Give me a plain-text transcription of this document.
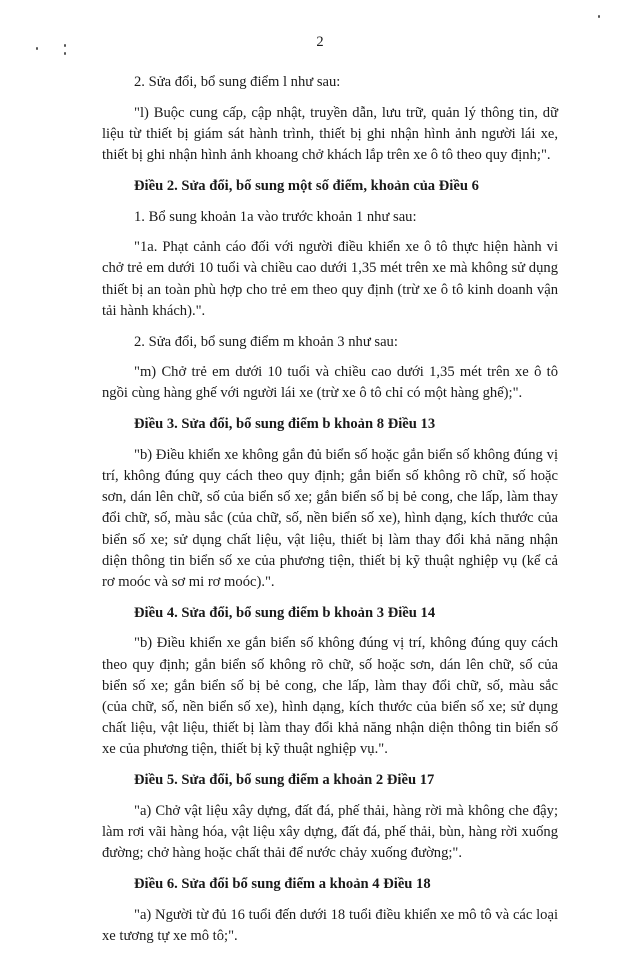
2

2. Sửa đổi, bổ sung điểm l như sau:

"l) Buộc cung cấp, cập nhật, truyền dẫn, lưu trữ, quản lý thông tin, dữ liệu từ thiết bị giám sát hành trình, thiết bị ghi nhận hình ảnh người lái xe, thiết bị ghi nhận hình ảnh khoang chở khách lắp trên xe ô tô theo quy định;".

Điều 2. Sửa đổi, bổ sung một số điểm, khoản của Điều 6

1. Bổ sung khoản 1a vào trước khoản 1 như sau:

"1a. Phạt cảnh cáo đối với người điều khiển xe ô tô thực hiện hành vi chở trẻ em dưới 10 tuổi và chiều cao dưới 1,35 mét trên xe mà không sử dụng thiết bị an toàn phù hợp cho trẻ em theo quy định (trừ xe ô tô kinh doanh vận tải hành khách).".

2. Sửa đổi, bổ sung điểm m khoản 3 như sau:

"m) Chở trẻ em dưới 10 tuổi và chiều cao dưới 1,35 mét trên xe ô tô ngồi cùng hàng ghế với người lái xe (trừ xe ô tô chỉ có một hàng ghế);".

Điều 3. Sửa đổi, bổ sung điểm b khoản 8 Điều 13

"b) Điều khiển xe không gắn đủ biển số hoặc gắn biển số không đúng vị trí, không đúng quy cách theo quy định; gắn biển số không rõ chữ, số hoặc sơn, dán lên chữ, số của biển số xe; gắn biển số bị bẻ cong, che lấp, làm thay đổi chữ, số, màu sắc (của chữ, số, nền biển số xe), hình dạng, kích thước của biển số xe; sử dụng chất liệu, vật liệu, thiết bị làm thay đổi khả năng nhận diện thông tin biển số xe của phương tiện, thiết bị kỹ thuật nghiệp vụ (kể cả rơ moóc và sơ mi rơ moóc).".

Điều 4. Sửa đổi, bổ sung điểm b khoản 3 Điều 14

"b) Điều khiển xe gắn biển số không đúng vị trí, không đúng quy cách theo quy định; gắn biển số không rõ chữ, số hoặc sơn, dán lên chữ, số của biển số xe; gắn biển số bị bẻ cong, che lấp, làm thay đổi chữ, số, màu sắc (của chữ, số, nền biển số xe), hình dạng, kích thước của biển số xe; sử dụng chất liệu, vật liệu, thiết bị làm thay đổi khả năng nhận diện thông tin biển số xe của phương tiện, thiết bị kỹ thuật nghiệp vụ.".

Điều 5. Sửa đổi, bổ sung điểm a khoản 2 Điều 17

"a) Chở vật liệu xây dựng, đất đá, phế thải, hàng rời mà không che đậy; làm rơi vãi hàng hóa, vật liệu xây dựng, đất đá, phế thải, bùn, hàng rời xuống đường; chở hàng hoặc chất thải để nước chảy xuống đường;".

Điều 6. Sửa đổi bổ sung điểm a khoản 4 Điều 18

"a) Người từ đủ 16 tuổi đến dưới 18 tuổi điều khiển xe mô tô và các loại xe tương tự xe mô tô;".
